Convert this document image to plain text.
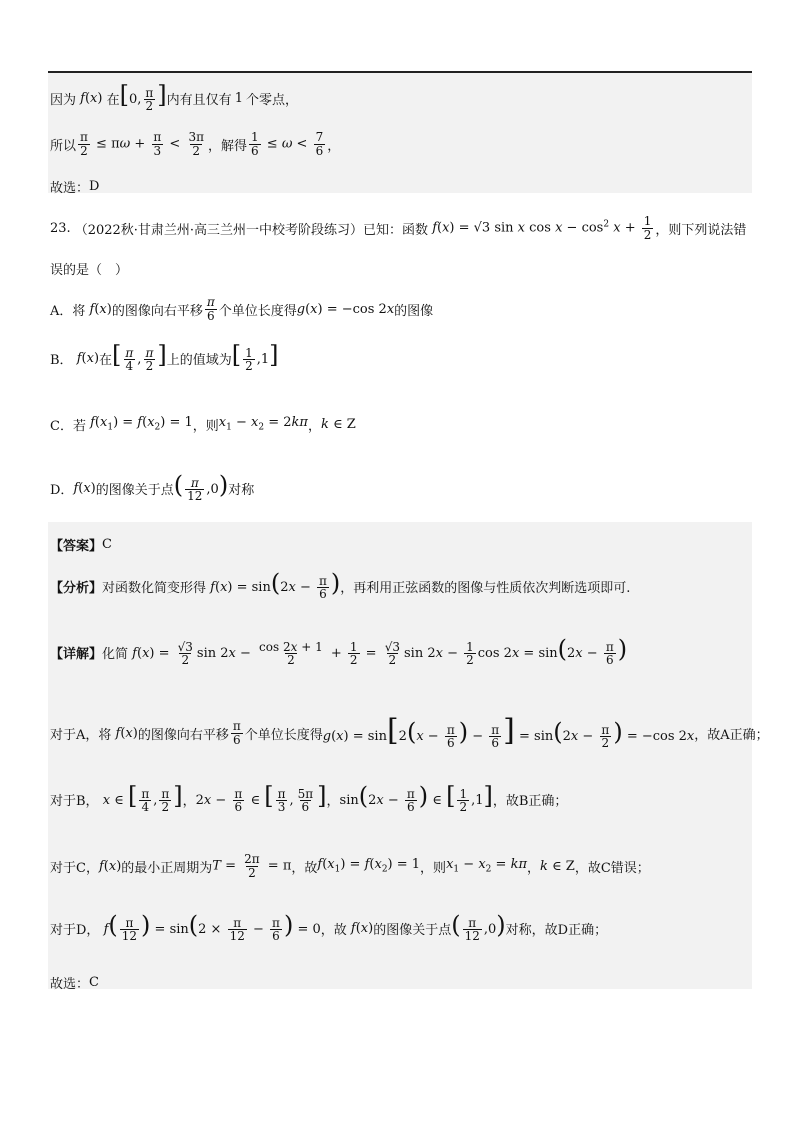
因为 f(x) 在 [0, $\frac{\pi}{2}$ ] 内有且仅有 1 个零点，
所以 $\frac{\pi}{2} \le \pi\omega + \frac{\pi}{3} < \frac{3\pi}{2}$ ，解得 $\frac{1}{6} \le \omega < \frac{7}{6}$ ，
故选： D
23. （2022秋·甘肃兰州·高三兰州一中校考阶段练习）已知：函数 f(x) = √3 sin x $\cos x - \cos^2 x + \frac{1}{2}$ ，则下列说法错
误的是（　）
A．将 f(x) 的图像向右平移 $\frac{\pi}{6}$ 个单位长度得 g(x) = −cos 2x 的图像
B． f(x) 在 [ $\frac{\pi}{4}$ , $\frac{\pi}{2}$ ] 上的值域为 [ $\frac{1}{2} ,1$]
C．若 $f(x_1) = f(x_2) = 1$ ，则 $x_1 - x_2 = 2k\pi$ ， k ∈ Z
D． f(x) 的图像关于点 ( $\frac{\pi}{12} ,0$) 对称
【答案】 C
【分析】 对函数化简变形得 $f(x) = \sin(2x - \frac{\pi}{6}$ ) ，再利用正弦函数的图像与性质依次判断选项即可.
【详解】 化简 $f(x) = \frac{√3}{2}$ $\sin 2x - \frac{\cos 2x + 1}{2} + \frac{1}{2} = \frac{√3}{2}$ $\sin 2x - \frac{1}{2}$ $\cos 2x = \sin(2x - \frac{\pi}{6}$ )
对于A，将 f(x) 的图像向右平移 $\frac{\pi}{6}$ 个单位长度得 $g(x) = \sin[2(x - \frac{\pi}{6}$ ) − $\frac{\pi}{6}$ ] = $\sin(2x - \frac{\pi}{2}$ ) = −cos 2x ，故A正确；
对于B， x ∈ [ $\frac{\pi}{4}$ , $\frac{\pi}{2}$ ] ， $2x - \frac{\pi}{6}$ ∈ [ $\frac{\pi}{3}$ , $\frac{5\pi}{6}$ ] ， $\sin(2x - \frac{\pi}{6}$ ) ∈ [ $\frac{1}{2} ,1$] ，故B正确；
对于C， f(x) 的最小正周期为 $T = \frac{2\pi}{2} = \pi$ ，故 $f(x_1) = f(x_2) = 1$ ，则 $x_1 - x_2 = k\pi$ ， k ∈ Z ，故C错误；
对于D， $f( \frac{\pi}{12}$ ) = $\sin(2 \times \frac{\pi}{12} - \frac{\pi}{6}$ ) = 0 ，故 f(x) 的图像关于点 ( $\frac{\pi}{12} ,0$) 对称，故D正确；
故选： C
